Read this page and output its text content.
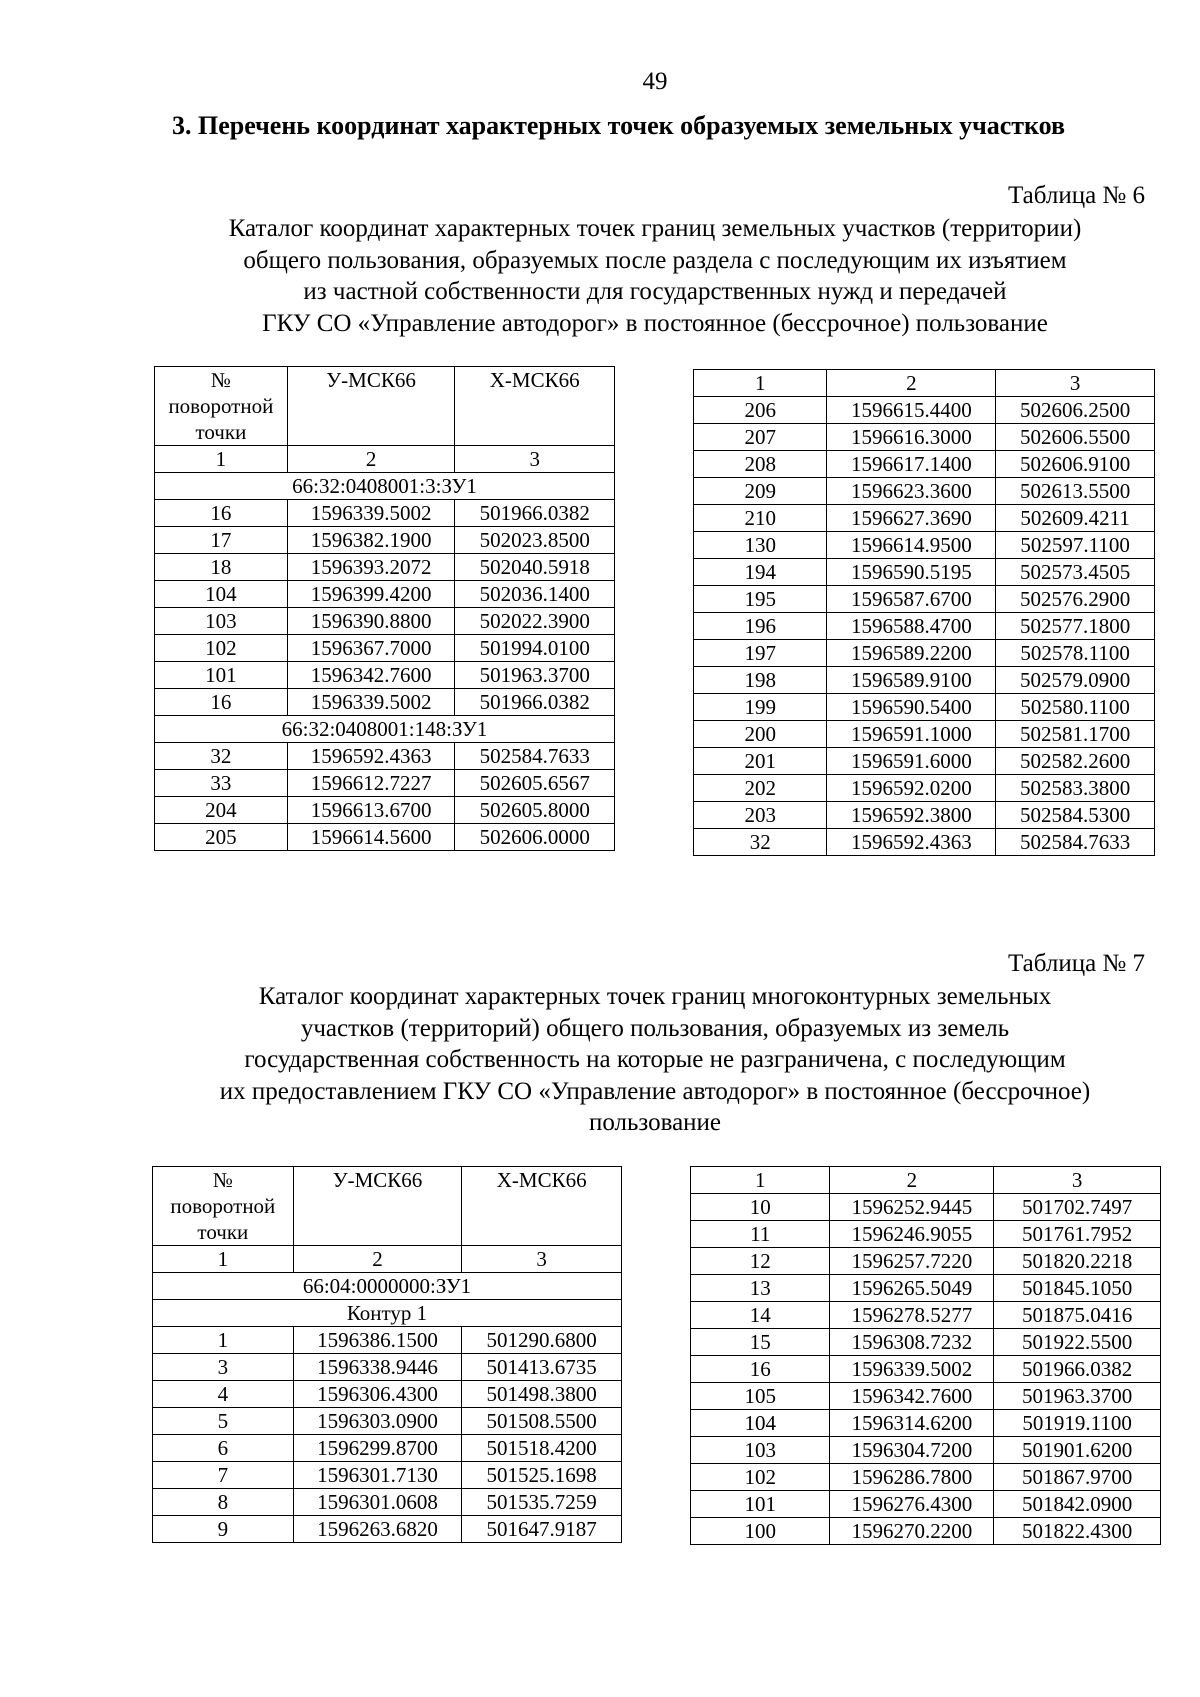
49
3. Перечень координат характерных точек образуемых земельных участков
Таблица № 6
Каталог координат характерных точек границ земельных участков (территории)
общего пользования, образуемых после раздела с последующим их изъятием
из частной собственности для государственных нужд и передачей
ГКУ СО «Управление автодорог» в постоянное (бессрочное) пользование
№
поворотной
точки	У-МСК66	Х-МСК66
1	2	3
66:32:0408001:3:ЗУ1		
16	1596339.5002	501966.0382
17	1596382.1900	502023.8500
18	1596393.2072	502040.5918
104	1596399.4200	502036.1400
103	1596390.8800	502022.3900
102	1596367.7000	501994.0100
101	1596342.7600	501963.3700
16	1596339.5002	501966.0382
66:32:0408001:148:ЗУ1		
32	1596592.4363	502584.7633
33	1596612.7227	502605.6567
204	1596613.6700	502605.8000
205	1596614.5600	502606.0000
1	2	3
206	1596615.4400	502606.2500
207	1596616.3000	502606.5500
208	1596617.1400	502606.9100
209	1596623.3600	502613.5500
210	1596627.3690	502609.4211
130	1596614.9500	502597.1100
194	1596590.5195	502573.4505
195	1596587.6700	502576.2900
196	1596588.4700	502577.1800
197	1596589.2200	502578.1100
198	1596589.9100	502579.0900
199	1596590.5400	502580.1100
200	1596591.1000	502581.1700
201	1596591.6000	502582.2600
202	1596592.0200	502583.3800
203	1596592.3800	502584.5300
32	1596592.4363	502584.7633
Таблица № 7
Каталог координат характерных точек границ многоконтурных земельных
участков (территорий) общего пользования, образуемых из земель
государственная собственность на которые не разграничена, с последующим
их предоставлением ГКУ СО «Управление автодорог» в постоянное (бессрочное)
пользование
№
поворотной
точки	У-МСК66	Х-МСК66
1	2	3
66:04:0000000:ЗУ1		
Контур 1		
1	1596386.1500	501290.6800
3	1596338.9446	501413.6735
4	1596306.4300	501498.3800
5	1596303.0900	501508.5500
6	1596299.8700	501518.4200
7	1596301.7130	501525.1698
8	1596301.0608	501535.7259
9	1596263.6820	501647.9187
1	2	3
10	1596252.9445	501702.7497
11	1596246.9055	501761.7952
12	1596257.7220	501820.2218
13	1596265.5049	501845.1050
14	1596278.5277	501875.0416
15	1596308.7232	501922.5500
16	1596339.5002	501966.0382
105	1596342.7600	501963.3700
104	1596314.6200	501919.1100
103	1596304.7200	501901.6200
102	1596286.7800	501867.9700
101	1596276.4300	501842.0900
100	1596270.2200	501822.4300
